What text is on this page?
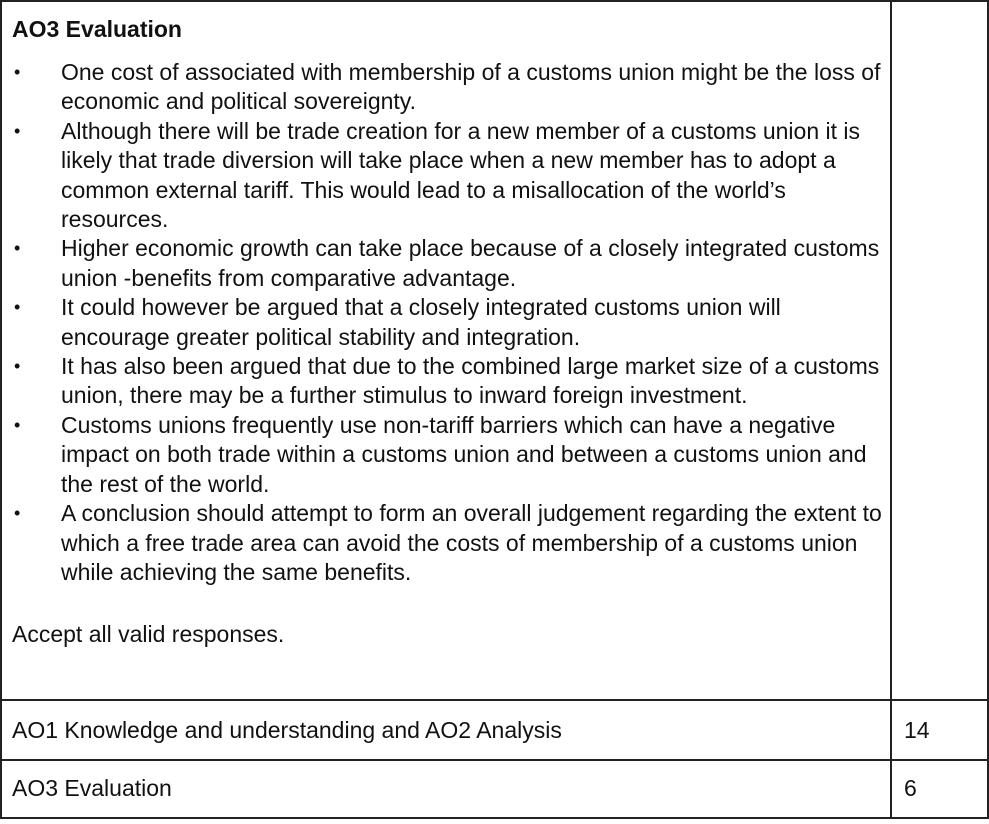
AO3 Evaluation

• One cost of associated with membership of a customs union might be the loss of economic and political sovereignty.
• Although there will be trade creation for a new member of a customs union it is likely that trade diversion will take place when a new member has to adopt a common external tariff. This would lead to a misallocation of the world’s resources.
• Higher economic growth can take place because of a closely integrated customs union -benefits from comparative advantage.
• It could however be argued that a closely integrated customs union will encourage greater political stability and integration.
• It has also been argued that due to the combined large market size of a customs union, there may be a further stimulus to inward foreign investment.
• Customs unions frequently use non-tariff barriers which can have a negative impact on both trade within a customs union and between a customs union and the rest of the world.
• A conclusion should attempt to form an overall judgement regarding the extent to which a free trade area can avoid the costs of membership of a customs union while achieving the same benefits.

Accept all valid responses.

AO1 Knowledge and understanding and AO2 Analysis	14
AO3 Evaluation	6
